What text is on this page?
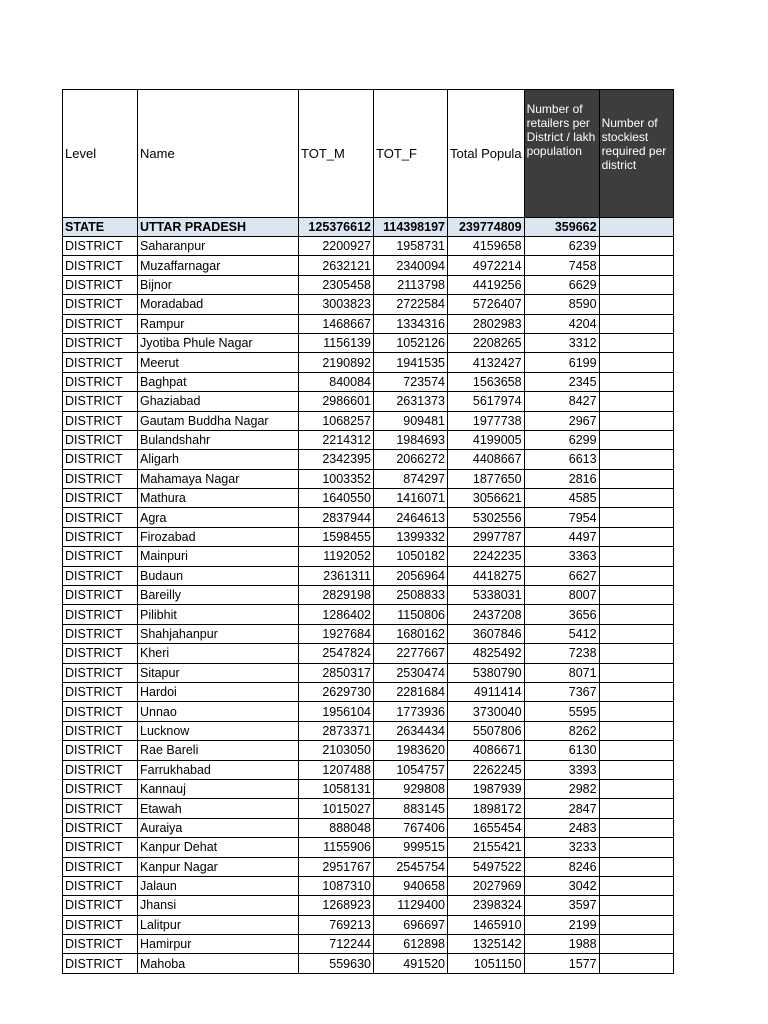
Level	Name	TOT_M	TOT_F	Total Popula	Number of retailers per District / lakh population	Number of stockiest required per district
STATE	UTTAR PRADESH	125376612	114398197	239774809	359662	
DISTRICT	Saharanpur	2200927	1958731	4159658	6239	
DISTRICT	Muzaffarnagar	2632121	2340094	4972214	7458	
DISTRICT	Bijnor	2305458	2113798	4419256	6629	
DISTRICT	Moradabad	3003823	2722584	5726407	8590	
DISTRICT	Rampur	1468667	1334316	2802983	4204	
DISTRICT	Jyotiba Phule Nagar	1156139	1052126	2208265	3312	
DISTRICT	Meerut	2190892	1941535	4132427	6199	
DISTRICT	Baghpat	840084	723574	1563658	2345	
DISTRICT	Ghaziabad	2986601	2631373	5617974	8427	
DISTRICT	Gautam Buddha Nagar	1068257	909481	1977738	2967	
DISTRICT	Bulandshahr	2214312	1984693	4199005	6299	
DISTRICT	Aligarh	2342395	2066272	4408667	6613	
DISTRICT	Mahamaya Nagar	1003352	874297	1877650	2816	
DISTRICT	Mathura	1640550	1416071	3056621	4585	
DISTRICT	Agra	2837944	2464613	5302556	7954	
DISTRICT	Firozabad	1598455	1399332	2997787	4497	
DISTRICT	Mainpuri	1192052	1050182	2242235	3363	
DISTRICT	Budaun	2361311	2056964	4418275	6627	
DISTRICT	Bareilly	2829198	2508833	5338031	8007	
DISTRICT	Pilibhit	1286402	1150806	2437208	3656	
DISTRICT	Shahjahanpur	1927684	1680162	3607846	5412	
DISTRICT	Kheri	2547824	2277667	4825492	7238	
DISTRICT	Sitapur	2850317	2530474	5380790	8071	
DISTRICT	Hardoi	2629730	2281684	4911414	7367	
DISTRICT	Unnao	1956104	1773936	3730040	5595	
DISTRICT	Lucknow	2873371	2634434	5507806	8262	
DISTRICT	Rae Bareli	2103050	1983620	4086671	6130	
DISTRICT	Farrukhabad	1207488	1054757	2262245	3393	
DISTRICT	Kannauj	1058131	929808	1987939	2982	
DISTRICT	Etawah	1015027	883145	1898172	2847	
DISTRICT	Auraiya	888048	767406	1655454	2483	
DISTRICT	Kanpur Dehat	1155906	999515	2155421	3233	
DISTRICT	Kanpur Nagar	2951767	2545754	5497522	8246	
DISTRICT	Jalaun	1087310	940658	2027969	3042	
DISTRICT	Jhansi	1268923	1129400	2398324	3597	
DISTRICT	Lalitpur	769213	696697	1465910	2199	
DISTRICT	Hamirpur	712244	612898	1325142	1988	
DISTRICT	Mahoba	559630	491520	1051150	1577	
